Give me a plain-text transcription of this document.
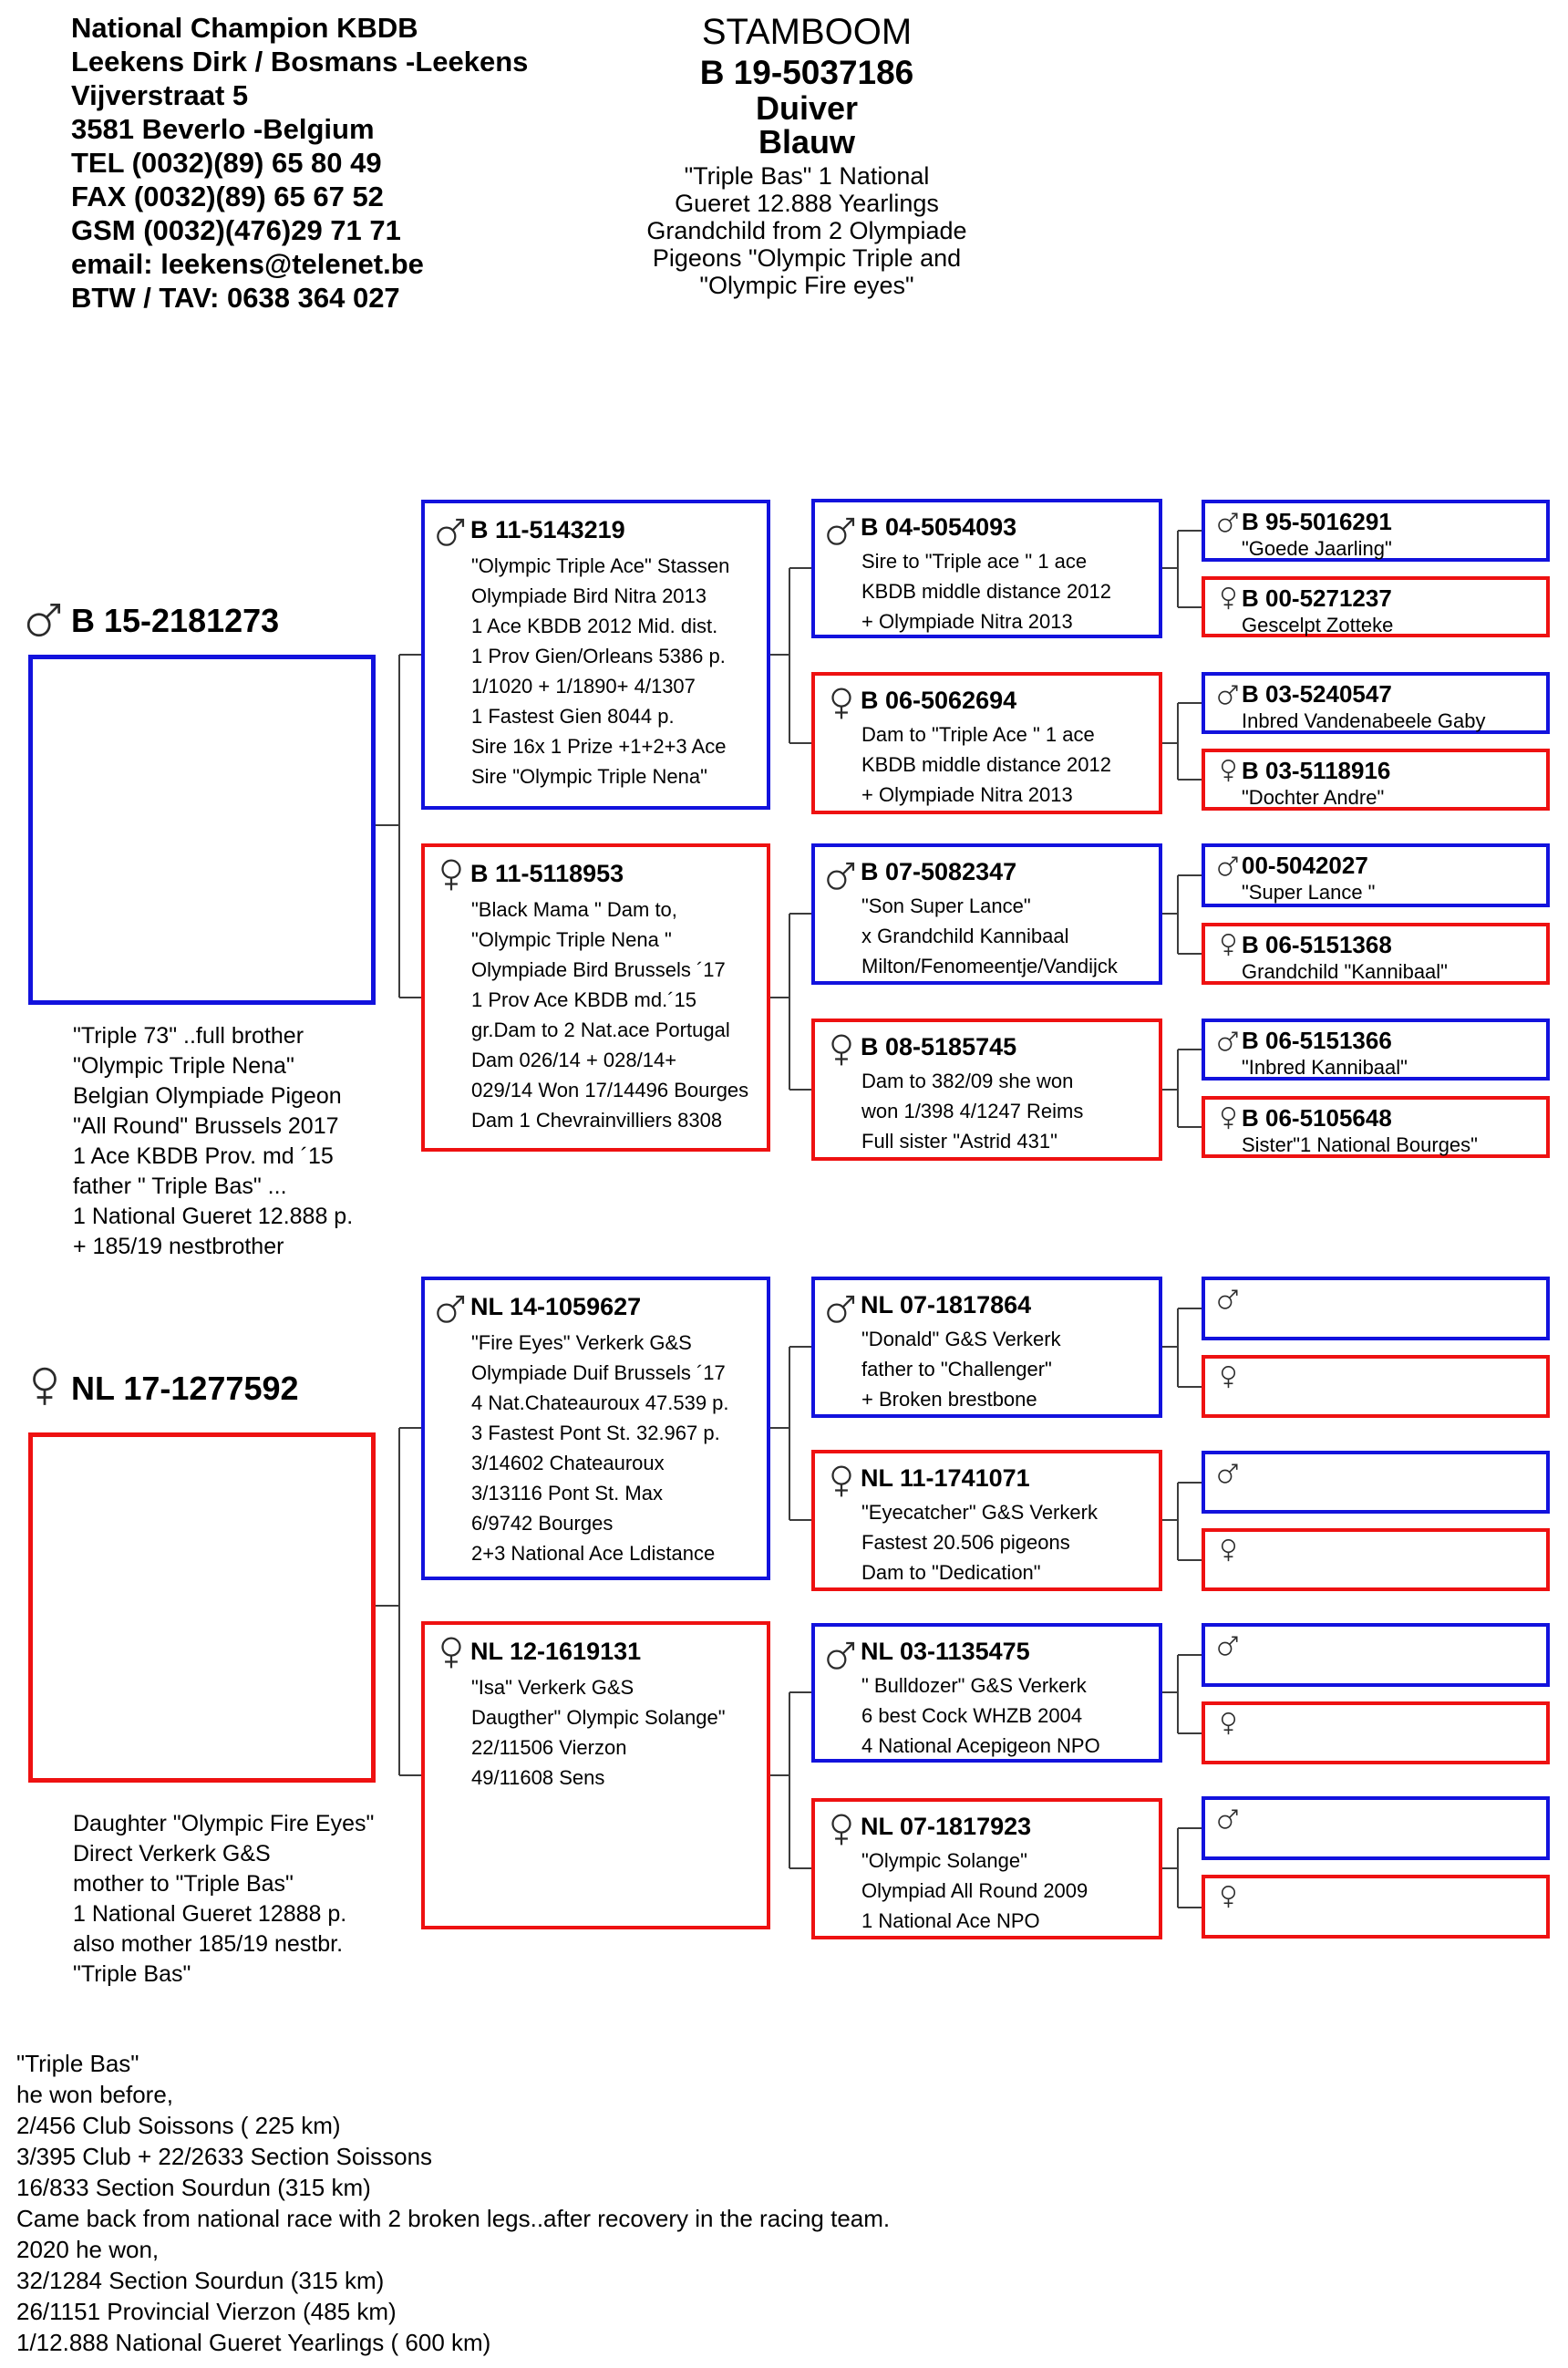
National Champion KBDB
Leekens Dirk / Bosmans -Leekens
Vijverstraat 5
3581 Beverlo -Belgium
TEL (0032)(89) 65 80 49
FAX (0032)(89) 65 67 52
GSM (0032)(476)29 71 71
email: leekens@telenet.be
BTW / TAV: 0638 364 027
STAMBOOM
B 19-5037186
Duiver
Blauw
"Triple Bas" 1 National
Gueret 12.888 Yearlings
Grandchild from 2 Olympiade
Pigeons "Olympic Triple and
"Olympic Fire eyes"
B 15-2181273
"Triple 73" ..full brother
"Olympic Triple Nena"
Belgian Olympiade Pigeon
"All Round" Brussels 2017
1 Ace KBDB Prov. md ´15
father " Triple Bas" ...
1 National Gueret 12.888 p.
+ 185/19 nestbrother
NL 17-1277592
Daughter "Olympic Fire Eyes"
Direct Verkerk G&S
mother to "Triple Bas"
1 National Gueret 12888 p.
also mother 185/19 nestbr.
"Triple Bas"
B 11-5143219
"Olympic Triple Ace" Stassen
Olympiade Bird Nitra 2013
1 Ace KBDB 2012 Mid. dist.
1 Prov Gien/Orleans 5386 p.
1/1020 + 1/1890+ 4/1307
1 Fastest Gien 8044 p.
Sire 16x 1 Prize +1+2+3 Ace
Sire "Olympic Triple Nena"
B 11-5118953
"Black Mama " Dam to,
"Olympic Triple Nena "
Olympiade Bird Brussels ´17
1 Prov Ace KBDB md.´15
gr.Dam to 2 Nat.ace Portugal
Dam 026/14 + 028/14+
029/14 Won 17/14496 Bourges
Dam 1 Chevrainvilliers 8308
NL 14-1059627
"Fire Eyes" Verkerk G&S
Olympiade Duif Brussels ´17
4 Nat.Chateauroux 47.539 p.
3 Fastest Pont St. 32.967 p.
3/14602 Chateauroux
3/13116 Pont St. Max
6/9742 Bourges
2+3 National Ace Ldistance
NL 12-1619131
"Isa" Verkerk G&S
Daugther" Olympic Solange"
22/11506 Vierzon
49/11608 Sens
B 04-5054093
Sire to "Triple ace " 1 ace
KBDB middle distance 2012
+ Olympiade Nitra 2013
B 06-5062694
Dam to "Triple Ace " 1 ace
KBDB middle distance 2012
+ Olympiade Nitra 2013
B 07-5082347
"Son Super Lance"
x Grandchild Kannibaal
Milton/Fenomeentje/Vandijck
B 08-5185745
Dam to 382/09 she won
won 1/398 4/1247 Reims
Full sister "Astrid 431"
NL 07-1817864
"Donald" G&S Verkerk
father to "Challenger"
+ Broken brestbone
NL 11-1741071
"Eyecatcher" G&S Verkerk
Fastest 20.506 pigeons
Dam to "Dedication"
NL 03-1135475
" Bulldozer" G&S Verkerk
6 best Cock WHZB 2004
4 National Acepigeon NPO
NL 07-1817923
"Olympic Solange"
Olympiad All Round 2009
1 National Ace NPO
B 95-5016291
"Goede Jaarling"
B 00-5271237
Gescelpt Zotteke
B 03-5240547
Inbred Vandenabeele Gaby
B 03-5118916
"Dochter Andre"
00-5042027
"Super Lance "
B 06-5151368
Grandchild "Kannibaal"
B 06-5151366
"Inbred Kannibaal"
B 06-5105648
Sister"1 National Bourges"
"Triple Bas"
he won before,
2/456 Club Soissons ( 225 km)
3/395 Club + 22/2633 Section Soissons
16/833 Section Sourdun (315 km)
Came back from national race with 2 broken legs..after recovery in the racing team.
2020 he won,
32/1284 Section Sourdun (315 km)
26/1151 Provincial Vierzon (485 km)
1/12.888 National Gueret Yearlings ( 600 km)
